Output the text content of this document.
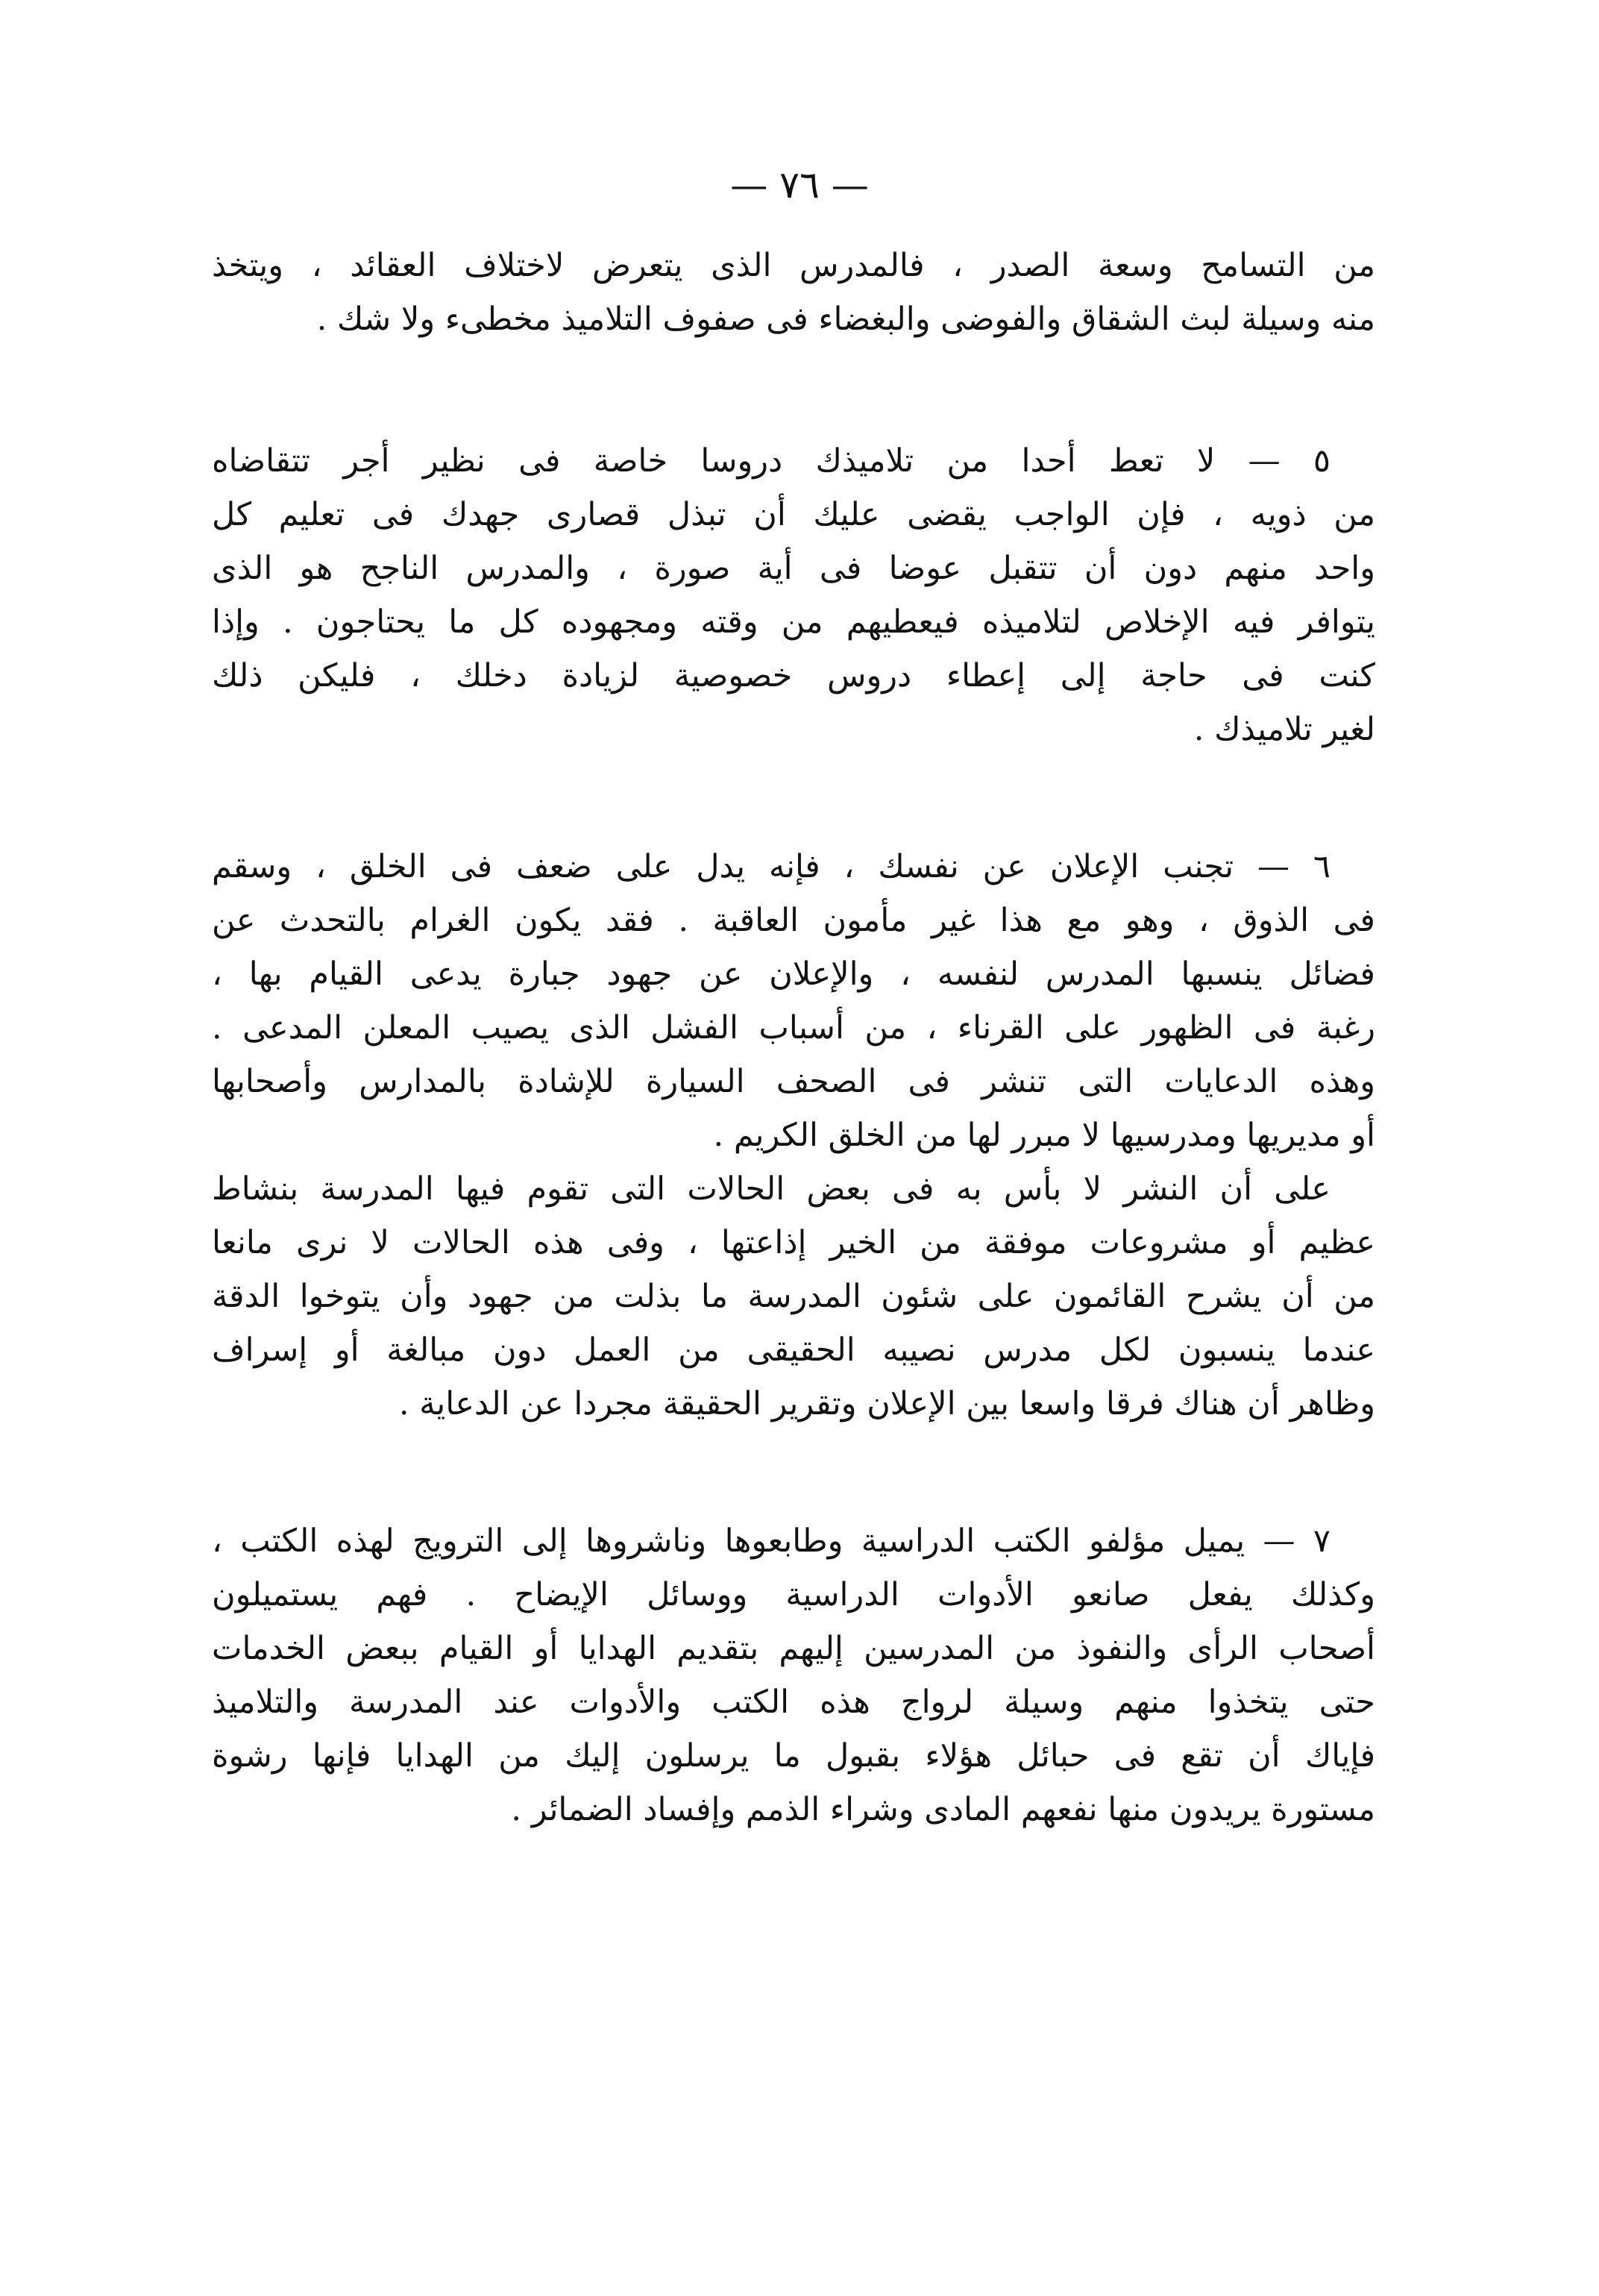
— ٧٦ —
من التسامح وسعة الصدر ، فالمدرس الذى يتعرض لاختلاف العقائد ، ويتخذ
منه وسيلة لبث الشقاق والفوضى والبغضاء فى صفوف التلاميذ مخطىء ولا شك .
٥ — لا تعط أحدا من تلاميذك دروسا خاصة فى نظير أجر تتقاضاه
من ذويه ، فإن الواجب يقضى عليك أن تبذل قصارى جهدك فى تعليم كل
واحد منهم دون أن تتقبل عوضا فى أية صورة ، والمدرس الناجح هو الذى
يتوافر فيه الإخلاص لتلاميذه فيعطيهم من وقته ومجهوده كل ما يحتاجون . وإذا
كنت فى حاجة إلى إعطاء دروس خصوصية لزيادة دخلك ، فليكن ذلك
لغير تلاميذك .
٦ — تجنب الإعلان عن نفسك ، فإنه يدل على ضعف فى الخلق ، وسقم
فى الذوق ، وهو مع هذا غير مأمون العاقبة . فقد يكون الغرام بالتحدث عن
فضائل ينسبها المدرس لنفسه ، والإعلان عن جهود جبارة يدعى القيام بها ،
رغبة فى الظهور على القرناء ، من أسباب الفشل الذى يصيب المعلن المدعى .
وهذه الدعايات التى تنشر فى الصحف السيارة للإشادة بالمدارس وأصحابها
أو مديريها ومدرسيها لا مبرر لها من الخلق الكريم .
على أن النشر لا بأس به فى بعض الحالات التى تقوم فيها المدرسة بنشاط
عظيم أو مشروعات موفقة من الخير إذاعتها ، وفى هذه الحالات لا نرى مانعا
من أن يشرح القائمون على شئون المدرسة ما بذلت من جهود وأن يتوخوا الدقة
عندما ينسبون لكل مدرس نصيبه الحقيقى من العمل دون مبالغة أو إسراف
وظاهر أن هناك فرقا واسعا بين الإعلان وتقرير الحقيقة مجردا عن الدعاية .
٧ — يميل مؤلفو الكتب الدراسية وطابعوها وناشروها إلى الترويج لهذه الكتب ،
وكذلك يفعل صانعو الأدوات الدراسية ووسائل الإيضاح . فهم يستميلون
أصحاب الرأى والنفوذ من المدرسين إليهم بتقديم الهدايا أو القيام ببعض الخدمات
حتى يتخذوا منهم وسيلة لرواج هذه الكتب والأدوات عند المدرسة والتلاميذ
فإياك أن تقع فى حبائل هؤلاء بقبول ما يرسلون إليك من الهدايا فإنها رشوة
مستورة يريدون منها نفعهم المادى وشراء الذمم وإفساد الضمائر .
